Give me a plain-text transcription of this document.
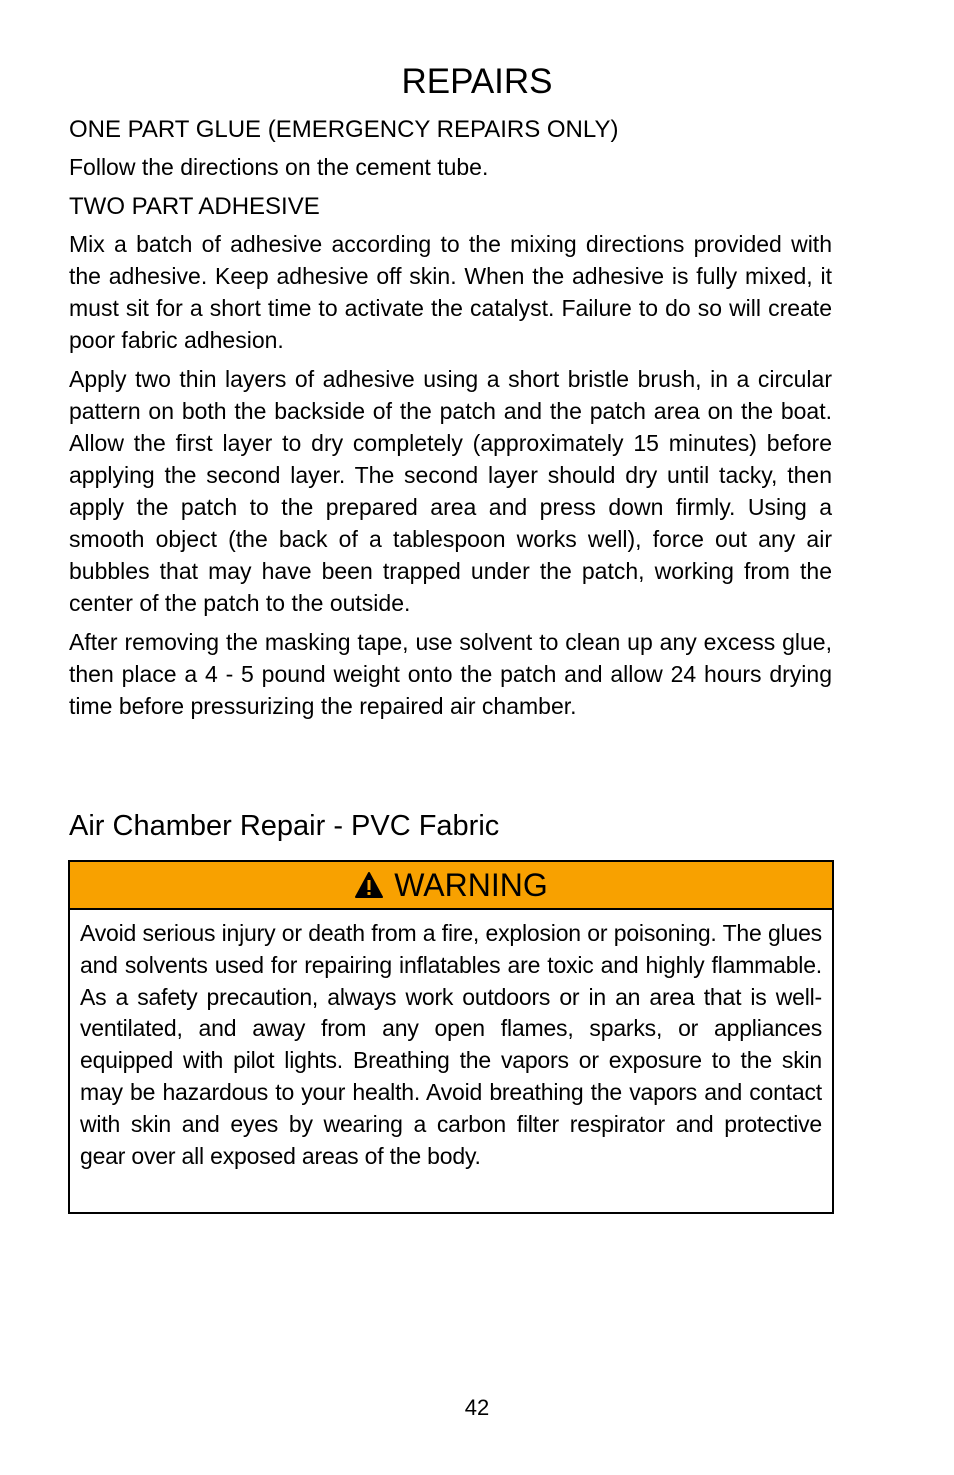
REPAIRS
ONE PART GLUE (EMERGENCY REPAIRS ONLY)

Follow the directions on the cement tube.

TWO PART ADHESIVE

Mix a batch of adhesive according to the mixing directions provided with the adhesive. Keep adhesive off skin. When the adhesive is fully mixed, it must sit for a short time to activate the catalyst. Failure to do so will create poor fabric adhesion.

Apply two thin layers of adhesive using a short bristle brush, in a circular pattern on both the backside of the patch and the patch area on the boat. Allow the first layer to dry completely (approximately 15 minutes) before applying the second layer. The second layer should dry until tacky, then apply the patch to the prepared area and press down firmly. Using a smooth object (the back of a tablespoon works well), force out any air bubbles that may have been trapped under the patch, working from the center of the patch to the outside.

After removing the masking tape, use solvent to clean up any excess glue, then place a 4 - 5 pound weight onto the patch and allow 24 hours drying time before pressurizing the repaired air chamber.

Air Chamber Repair - PVC Fabric
WARNING
Avoid serious injury or death from a fire, explosion or poisoning. The glues and solvents used for repairing inflatables are toxic and highly flammable. As a safety precaution, always work outdoors or in an area that is well-ventilated, and away from any open flames, sparks, or appliances equipped with pilot lights. Breathing the vapors or exposure to the skin may be hazardous to your health. Avoid breathing the vapors and contact with skin and eyes by wearing a carbon filter respirator and protective gear over all exposed areas of the body.
42
